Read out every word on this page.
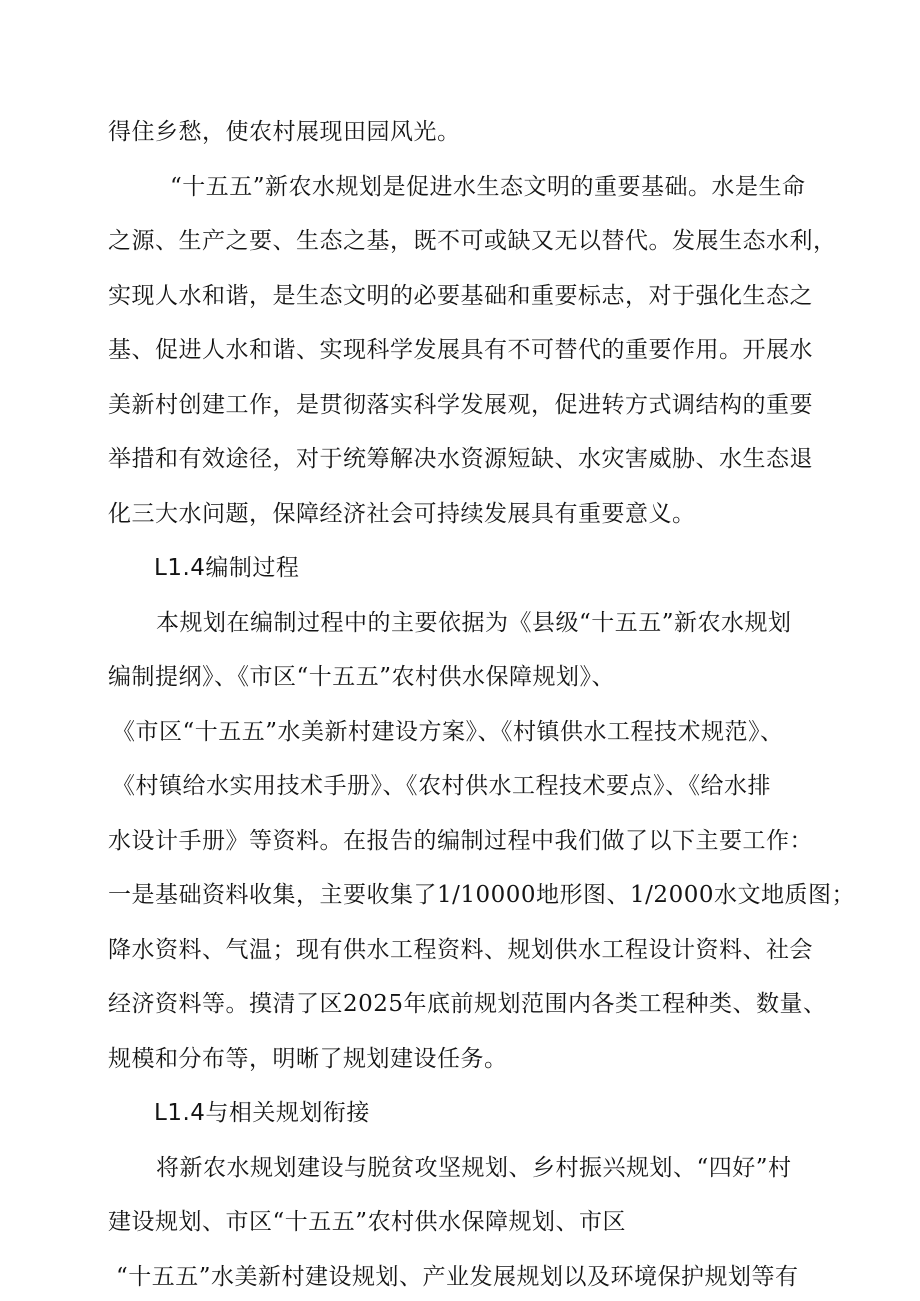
得住乡愁，使农村展现田园风光。
“十五五”新农水规划是促进水生态文明的重要基础。水是生命
之源、生产之要、生态之基，既不可或缺又无以替代。发展生态水利，
实现人水和谐，是生态文明的必要基础和重要标志，对于强化生态之
基、促进人水和谐、实现科学发展具有不可替代的重要作用。开展水
美新村创建工作，是贯彻落实科学发展观，促进转方式调结构的重要
举措和有效途径，对于统筹解决水资源短缺、水灾害威胁、水生态退
化三大水问题，保障经济社会可持续发展具有重要意义。
L1.4编制过程
本规划在编制过程中的主要依据为《县级“十五五”新农水规划
编制提纲》、《市区“十五五”农村供水保障规划》、
《市区“十五五”水美新村建设方案》、《村镇供水工程技术规范》、
《村镇给水实用技术手册》、《农村供水工程技术要点》、《给水排
水设计手册》等资料。在报告的编制过程中我们做了以下主要工作：
一是基础资料收集，主要收集了1/10000地形图、1/2000水文地质图；
降水资料、气温；现有供水工程资料、规划供水工程设计资料、社会
经济资料等。摸清了区2025年底前规划范围内各类工程种类、数量、
规模和分布等，明晰了规划建设任务。
L1.4与相关规划衔接
将新农水规划建设与脱贫攻坚规划、乡村振兴规划、“四好”村
建设规划、市区“十五五”农村供水保障规划、市区
“十五五”水美新村建设规划、产业发展规划以及环境保护规划等有
